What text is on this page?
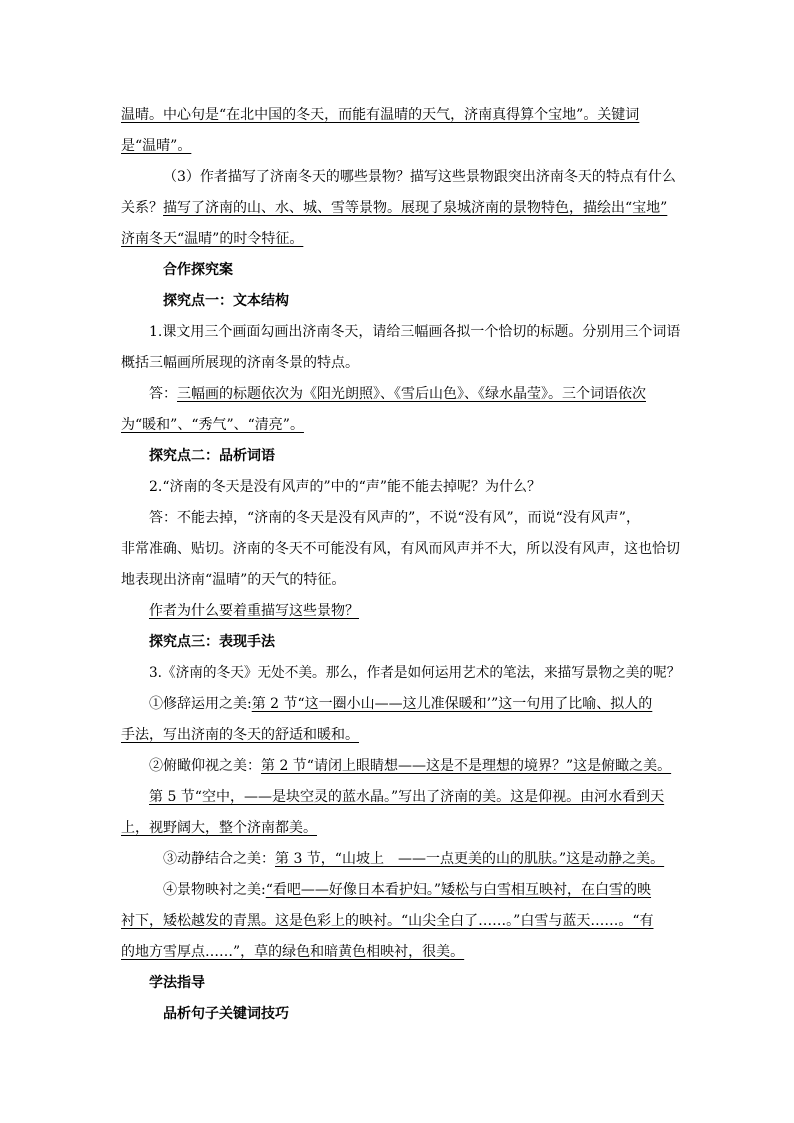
温晴。中心句是“在北中国的冬天，而能有温晴的天气，济南真得算个宝地”。关键词
是“温晴”。
（3）作者描写了济南冬天的哪些景物？描写这些景物跟突出济南冬天的特点有什么
关系？描写了济南的山、水、城、雪等景物。展现了泉城济南的景物特色，描绘出“宝地”
济南冬天“温晴”的时令特征。
合作探究案
探究点一：文本结构
1.课文用三个画面勾画出济南冬天，请给三幅画各拟一个恰切的标题。分别用三个词语
概括三幅画所展现的济南冬景的特点。
答：三幅画的标题依次为《阳光朗照》、《雪后山色》、《绿水晶莹》。三个词语依次
为“暖和”、“秀气”、“清亮”。
探究点二：品析词语
2.“济南的冬天是没有风声的”中的“声”能不能去掉呢？为什么？
答：不能去掉，“济南的冬天是没有风声的”，不说“没有风”，而说“没有风声”，
非常准确、贴切。济南的冬天不可能没有风，有风而风声并不大，所以没有风声，这也恰切
地表现出济南“温晴”的天气的特征。
作者为什么要着重描写这些景物？
探究点三：表现手法
3.《济南的冬天》无处不美。那么，作者是如何运用艺术的笔法，来描写景物之美的呢？
①修辞运用之美:第 2 节“这一圈小山——这儿准保暖和’”这一句用了比喻、拟人的
手法，写出济南的冬天的舒适和暖和。
②俯瞰仰视之美：第 2 节“请闭上眼睛想——这是不是理想的境界？”这是俯瞰之美。
第 5 节“空中，——是块空灵的蓝水晶。”写出了济南的美。这是仰视。由河水看到天
上，视野阔大，整个济南都美。
③动静结合之美：第 3 节，“山坡上　——一点更美的山的肌肤。”这是动静之美。
④景物映衬之美:“看吧——好像日本看护妇。”矮松与白雪相互映衬，在白雪的映
衬下，矮松越发的青黑。这是色彩上的映衬。“山尖全白了……。”白雪与蓝天……。“有
的地方雪厚点……”，草的绿色和暗黄色相映衬，很美。
学法指导
品析句子关键词技巧
